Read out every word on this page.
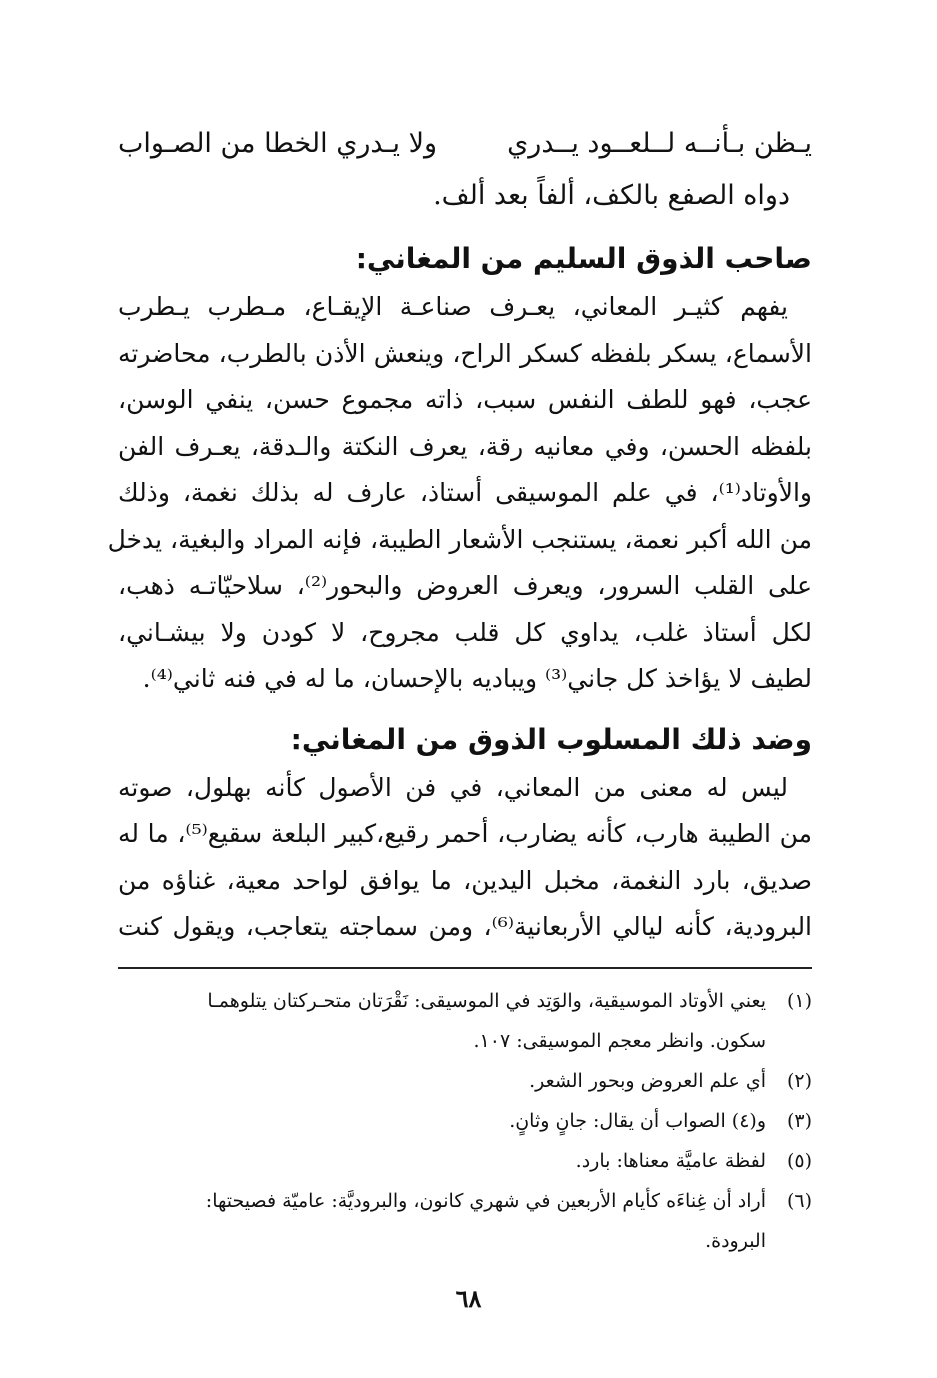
يـظن بـأنــه لــلعــود يــدري
ولا يـدري الخطا من الصـواب
دواه الصفع بالكف، ألفاً بعد ألف.
صاحب الذوق السليم من المغاني:
يفهم كثيـر المعاني، يعـرف صناعـة الإيقـاع، مـطرب يـطرب
الأسماع، يسكر بلفظه كسكر الراح، وينعش الأذن بالطرب، محاضرته
عجب، فهو للطف النفس سبب، ذاته مجموع حسن، ينفي الوسن،
بلفظه الحسن، وفي معانيه رقة، يعرف النكتة والـدقة، يعـرف الفن
والأوتاد⁽¹⁾، في علم الموسيقى أستاذ، عارف له بذلك نغمة، وذلك
من الله أكبر نعمة، يستنجب الأشعار الطيبة، فإنه المراد والبغية، يدخل
على القلب السرور، ويعرف العروض والبحور⁽²⁾، سلاحيّاتـه ذهب،
لكل أستاذ غلب، يداوي كل قلب مجروح، لا كودن ولا بيشـاني،
لطيف لا يؤاخذ كل جاني⁽³⁾ ويباديه بالإحسان، ما له في فنه ثاني⁽⁴⁾.
وضد ذلك المسلوب الذوق من المغاني:
ليس له معنى من المعاني، في فن الأصول كأنه بهلول، صوته
من الطيبة هارب، كأنه يضارب، أحمر رقيع،كبير البلعة سقيع⁽⁵⁾، ما له
صديق، بارد النغمة، مخبل اليدين، ما يوافق لواحد معية، غناؤه من
البرودية، كأنه ليالي الأربعانية⁽⁶⁾، ومن سماجته يتعاجب، ويقول كنت
(١)
يعني الأوتاد الموسيقية، والوَتِد في الموسيقى: نَقْرَتان متحـركتان يتلوهمـا
سكون. وانظر معجم الموسيقى: ١٠٧.
(٢)
أي علم العروض وبحور الشعر.
(٣)
و(٤) الصواب أن يقال: جانٍ وثانٍ.
(٥)
لفظة عاميَّة معناها: بارد.
(٦)
أراد أن غِناءَه كأيام الأربعين في شهري كانون، والبروديَّة: عاميّة فصيحتها:
البرودة.
٦٨
